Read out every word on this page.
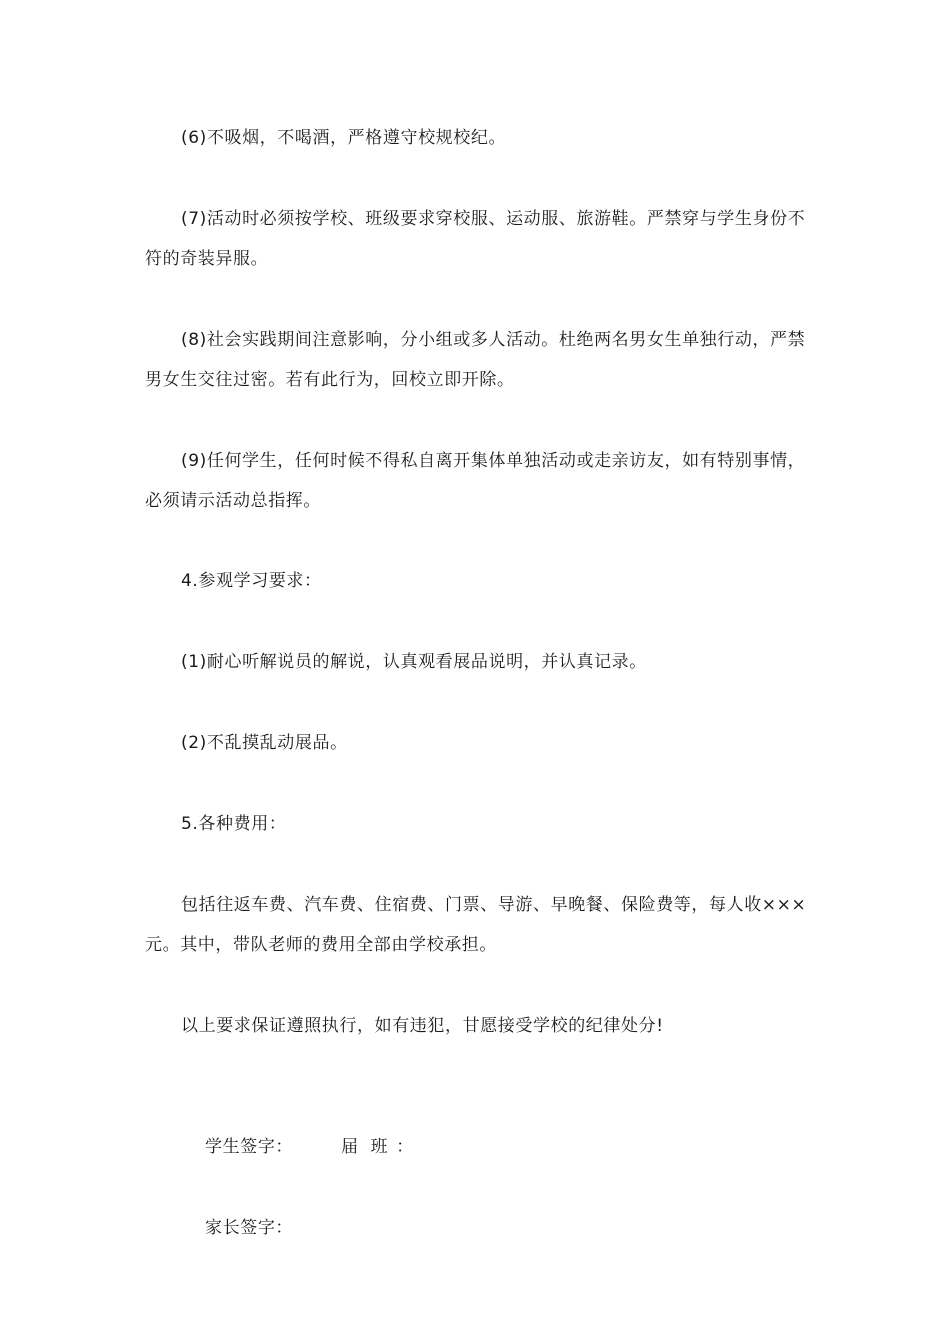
(6)不吸烟，不喝酒，严格遵守校规校纪。

(7)活动时必须按学校、班级要求穿校服、运动服、旅游鞋。严禁穿与学生身份不符的奇装异服。

(8)社会实践期间注意影响，分小组或多人活动。杜绝两名男女生单独行动，严禁男女生交往过密。若有此行为，回校立即开除。

(9)任何学生，任何时候不得私自离开集体单独活动或走亲访友，如有特别事情，必须请示活动总指挥。

4.参观学习要求：

(1)耐心听解说员的解说，认真观看展品说明，并认真记录。

(2)不乱摸乱动展品。

5.各种费用：

包括往返车费、汽车费、住宿费、门票、导游、早晚餐、保险费等，每人收×××元。其中，带队老师的费用全部由学校承担。

以上要求保证遵照执行，如有违犯，甘愿接受学校的纪律处分!

学生签字：	届 班 ：

家长签字：
